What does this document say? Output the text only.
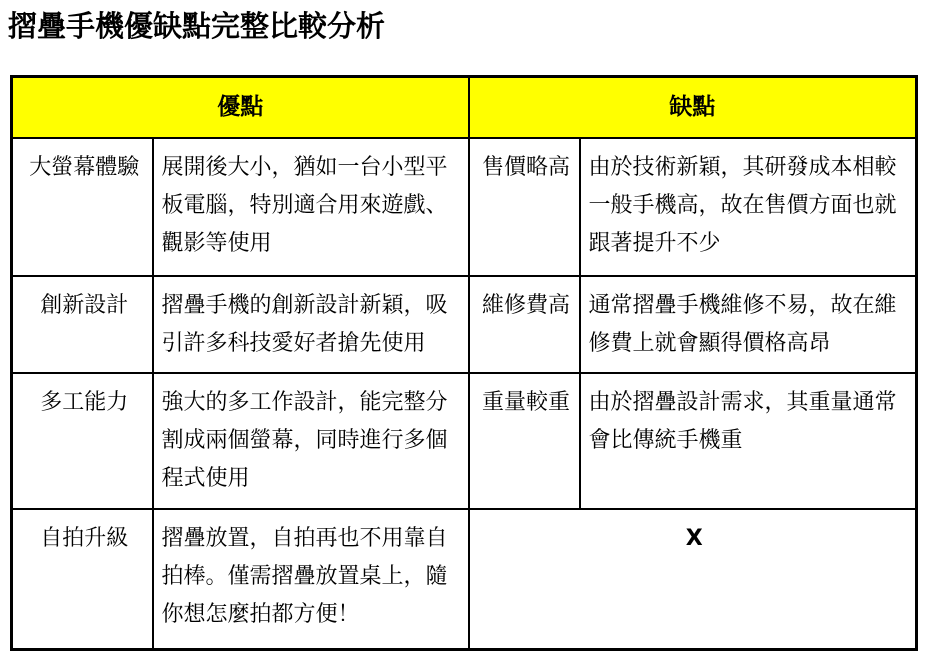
摺疊手機優缺點完整比較分析
優點		缺點	
大螢幕體驗	展開後大小，猶如一台小型平板電腦，特別適合用來遊戲、觀影等使用	售價略高	由於技術新穎，其研發成本相較一般手機高，故在售價方面也就跟著提升不少
創新設計	摺疊手機的創新設計新穎，吸引許多科技愛好者搶先使用	維修費高	通常摺疊手機維修不易，故在維修費上就會顯得價格高昂
多工能力	強大的多工作設計，能完整分割成兩個螢幕，同時進行多個程式使用	重量較重	由於摺疊設計需求，其重量通常會比傳統手機重
自拍升級	摺疊放置，自拍再也不用靠自拍棒。僅需摺疊放置桌上，隨你想怎麼拍都方便！	X	
